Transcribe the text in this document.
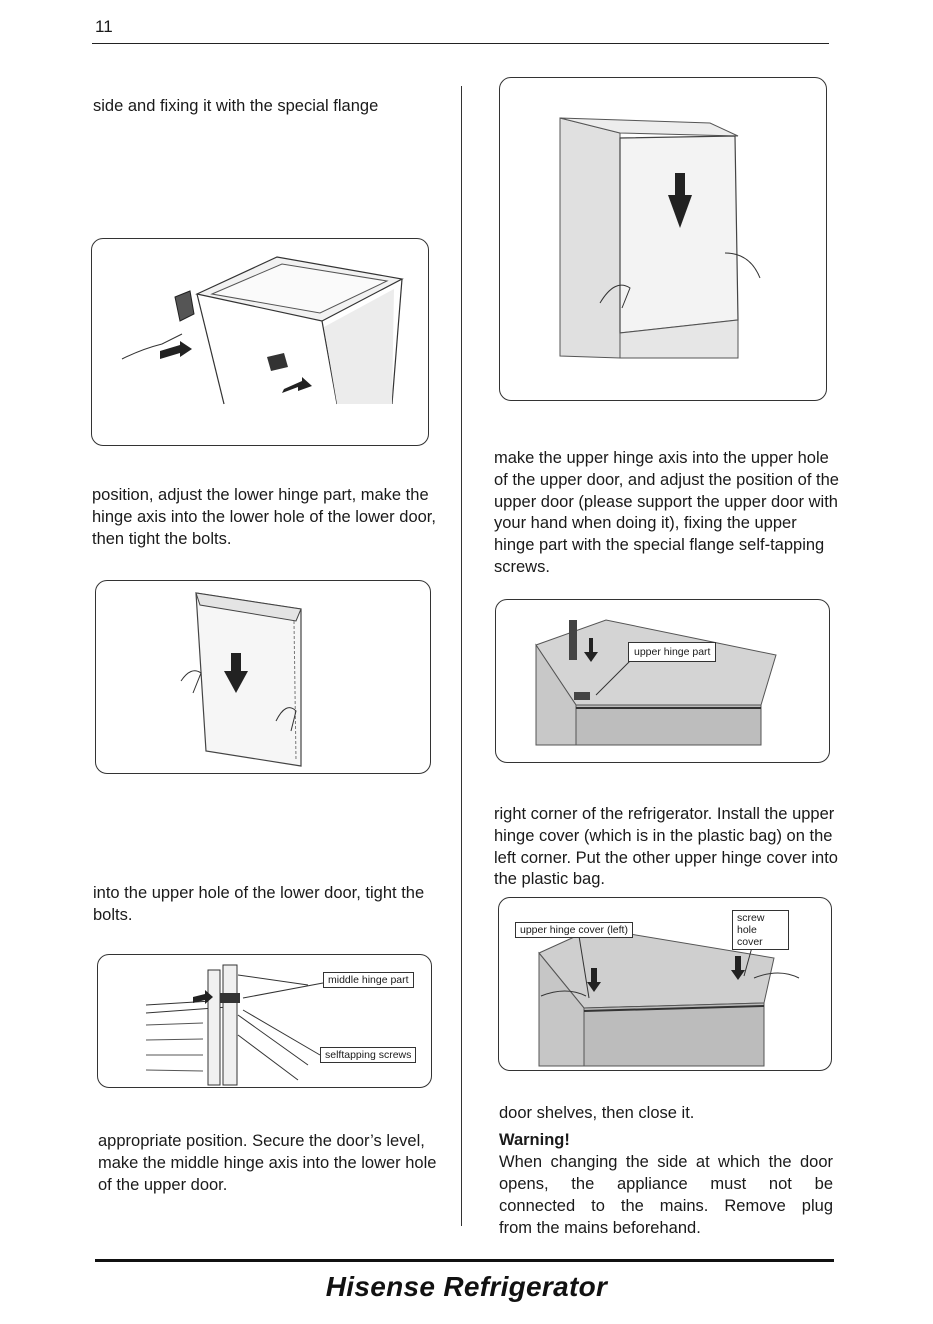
11
side and fixing it with the special flange
position, adjust the lower hinge part, make the hinge axis into the lower hole of the lower door, then tight the bolts.
into the upper hole of the lower door, tight the bolts.
middle hinge part
selftapping screws
appropriate position. Secure the door’s level, make the middle hinge axis into the lower hole of the upper door.
make the upper hinge axis into the upper hole of the upper door, and adjust the position of the upper door (please support the upper door with your hand when doing it), fixing the upper hinge part with the special flange self-tapping screws.
upper hinge part
right corner of the refrigerator. Install the upper hinge cover (which is in the plastic bag) on the left corner. Put the other upper hinge cover into the plastic bag.
upper hinge cover (left)
screw hole cover
door shelves, then close it.
Warning!
When changing the side at which the door
opens, the appliance must not be
connected to the mains. Remove plug
from the mains beforehand.
Hisense Refrigerator
